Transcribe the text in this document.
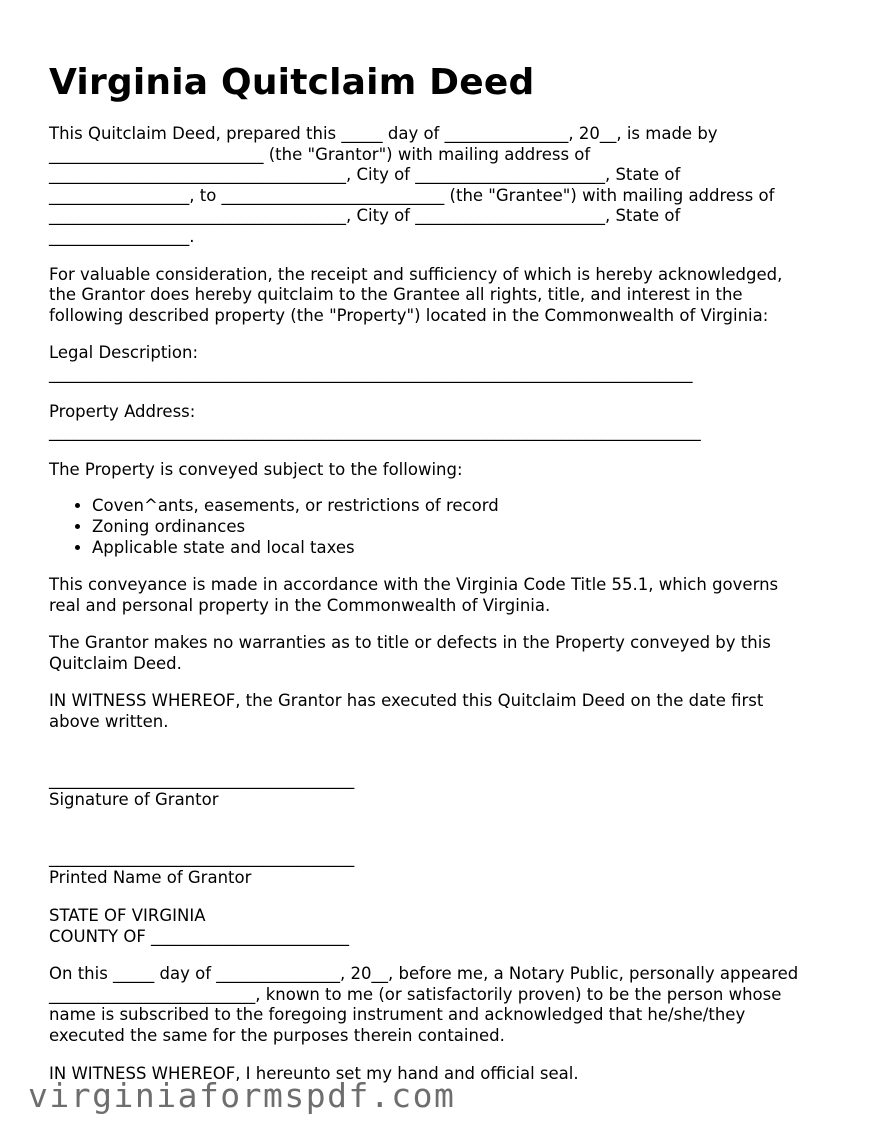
Virginia Quitclaim Deed
This Quitclaim Deed, prepared this _____ day of _______________, 20__, is made by
__________________________ (the "Grantor") with mailing address of
____________________________________, City of _______________________, State of
_________________, to ___________________________ (the "Grantee") with mailing address of
____________________________________, City of _______________________, State of
_________________.

For valuable consideration, the receipt and sufficiency of which is hereby acknowledged,
the Grantor does hereby quitclaim to the Grantee all rights, title, and interest in the
following described property (the "Property") located in the Commonwealth of Virginia:

Legal Description:
______________________________________________________________________________
Property Address:
_______________________________________________________________________________

The Property is conveyed subject to the following:

• Coven^ants, easements, or restrictions of record
• Zoning ordinances
• Applicable state and local taxes

This conveyance is made in accordance with the Virginia Code Title 55.1, which governs
real and personal property in the Commonwealth of Virginia.

The Grantor makes no warranties as to title or defects in the Property conveyed by this
Quitclaim Deed.

IN WITNESS WHEREOF, the Grantor has executed this Quitclaim Deed on the date first
above written.

_____________________________________
Signature of Grantor
_____________________________________
Printed Name of Grantor
STATE OF VIRGINIA
COUNTY OF ________________________

On this _____ day of _______________, 20__, before me, a Notary Public, personally appeared
_________________________, known to me (or satisfactorily proven) to be the person whose
name is subscribed to the foregoing instrument and acknowledged that he/she/they
executed the same for the purposes therein contained.

IN WITNESS WHEREOF, I hereunto set my hand and official seal.

virginiaformspdf.com
